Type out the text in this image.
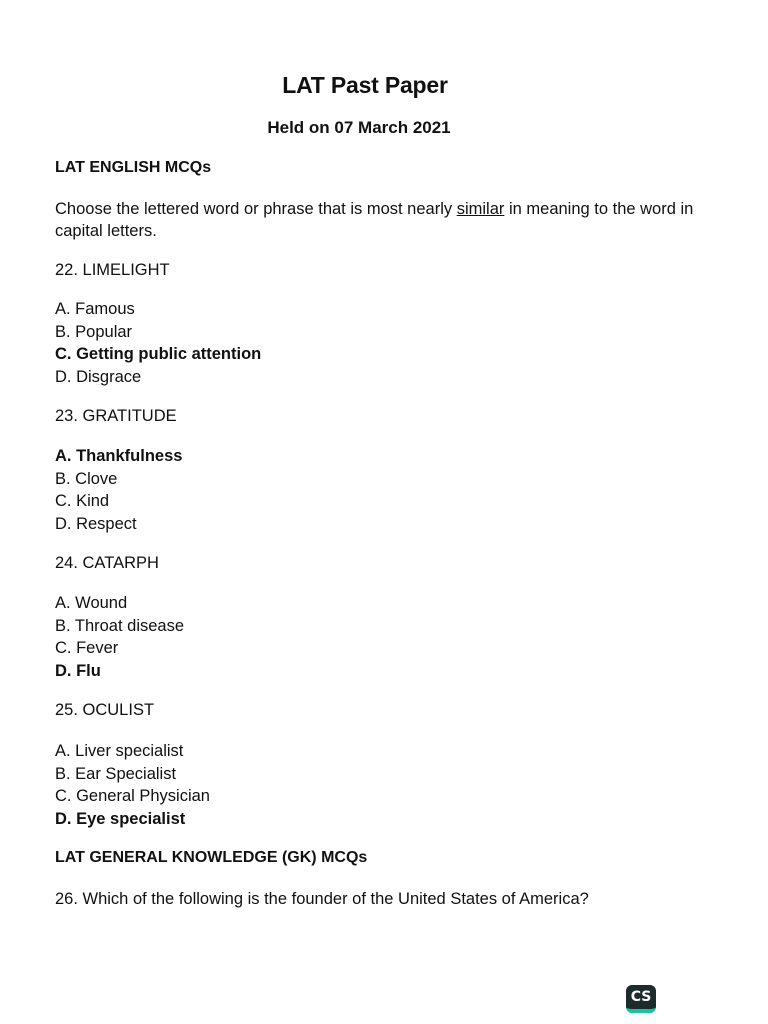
LAT Past Paper
Held on 07 March 2021
LAT ENGLISH MCQs
Choose the lettered word or phrase that is most nearly similar in meaning to the word in capital letters.
22. LIMELIGHT
A. Famous
B. Popular
C. Getting public attention
D. Disgrace
23. GRATITUDE
A. Thankfulness
B. Clove
C. Kind
D. Respect
24. CATARPH
A. Wound
B. Throat disease
C. Fever
D. Flu
25. OCULIST
A. Liver specialist
B. Ear Specialist
C. General Physician
D. Eye specialist
LAT GENERAL KNOWLEDGE (GK) MCQs
26. Which of the following is the founder of the United States of America?
CS
